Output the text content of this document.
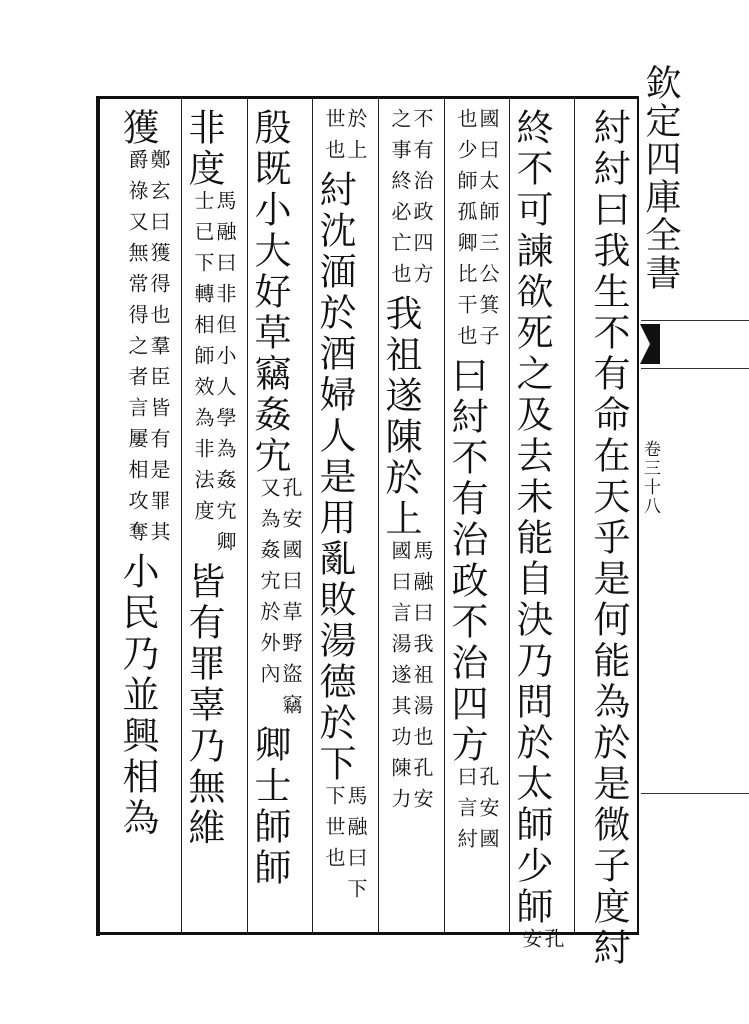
欽定四庫全書
卷三十八
紂紂曰我生不有命在天乎是何能為於是微子度紂
終不可諫欲死之及去未能自決乃問於太師少師
孔
安
國曰太師三公箕子
也少師孤卿比干也
曰紂不有治政不治四方
孔安國
曰言紂
不有治政四方
之事終必亡也
我祖遂陳於上
馬融曰我祖湯也孔安
國曰言湯遂其功陳力
於上
世也
紂沈湎於酒婦人是用亂敗湯德於下
馬融曰下
下世也
殷既小大好草竊姦宄
孔安國曰草野盜竊
又為姦宄於外內
卿士師師
非度
馬融曰非但小人學為姦宄卿
士已下轉相師效為非法度
皆有罪辜乃無維
獲
鄭玄曰獲得也羣臣皆有是罪其
爵祿又無常得之者言屢相攻奪
小民乃並興相為
